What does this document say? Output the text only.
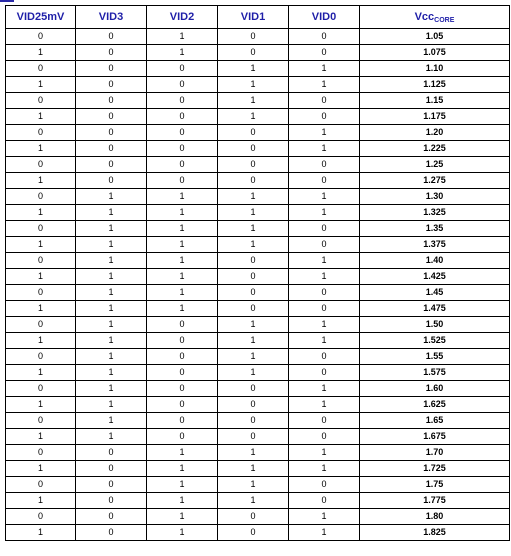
VID25mV	VID3	VID2	VID1	VID0	Vcc$_{CORE}$
0	0	1	0	0	1.05
1	0	1	0	0	1.075
0	0	0	1	1	1.10
1	0	0	1	1	1.125
0	0	0	1	0	1.15
1	0	0	1	0	1.175
0	0	0	0	1	1.20
1	0	0	0	1	1.225
0	0	0	0	0	1.25
1	0	0	0	0	1.275
0	1	1	1	1	1.30
1	1	1	1	1	1.325
0	1	1	1	0	1.35
1	1	1	1	0	1.375
0	1	1	0	1	1.40
1	1	1	0	1	1.425
0	1	1	0	0	1.45
1	1	1	0	0	1.475
0	1	0	1	1	1.50
1	1	0	1	1	1.525
0	1	0	1	0	1.55
1	1	0	1	0	1.575
0	1	0	0	1	1.60
1	1	0	0	1	1.625
0	1	0	0	0	1.65
1	1	0	0	0	1.675
0	0	1	1	1	1.70
1	0	1	1	1	1.725
0	0	1	1	0	1.75
1	0	1	1	0	1.775
0	0	1	0	1	1.80
1	0	1	0	1	1.825
